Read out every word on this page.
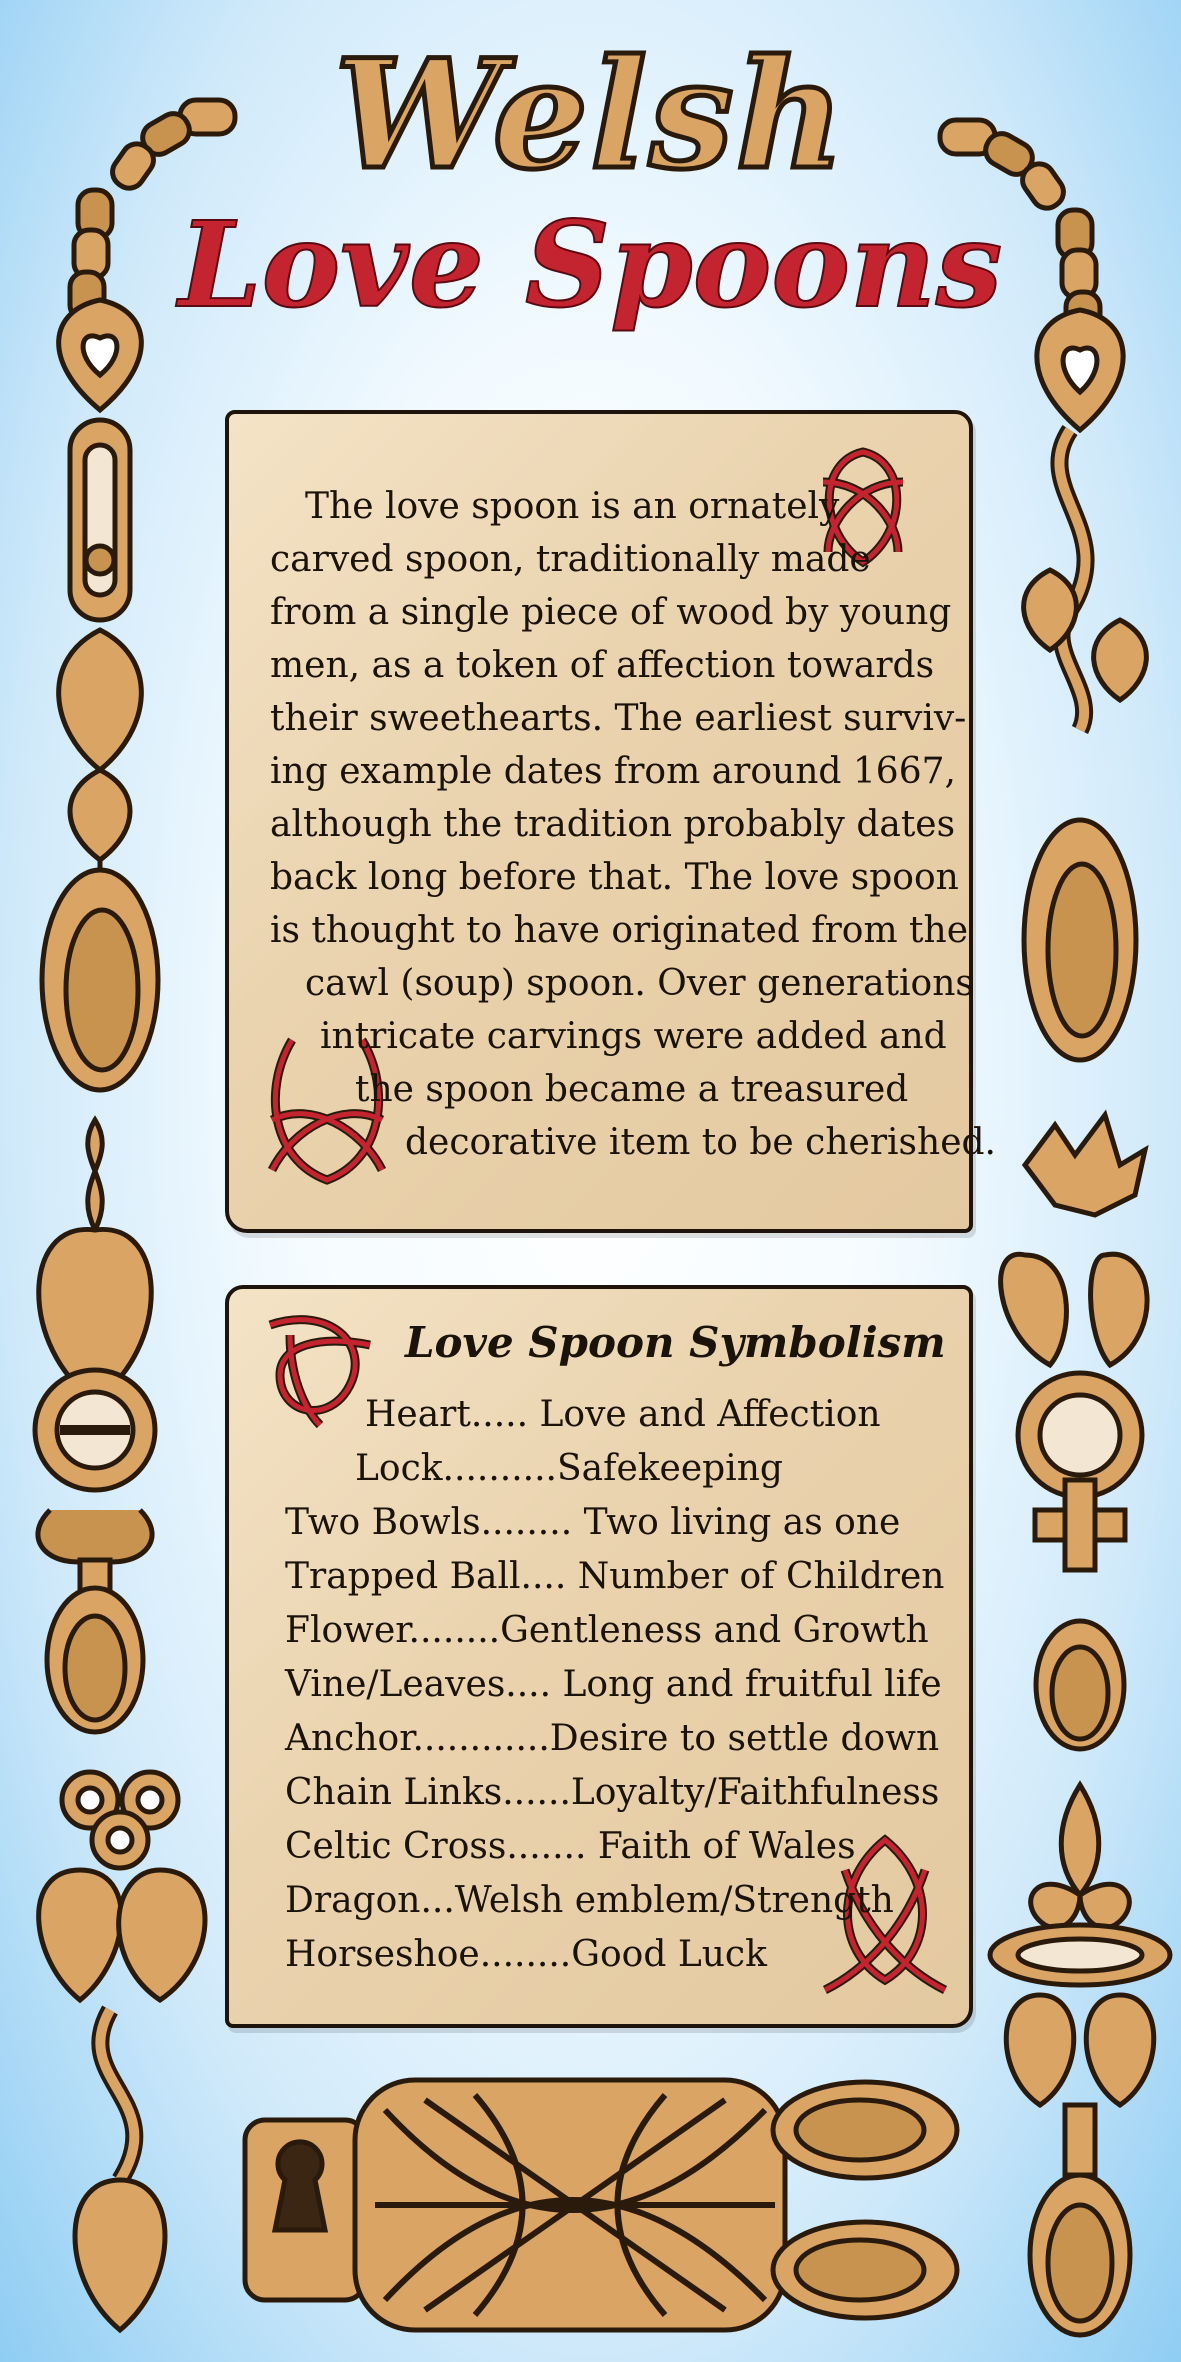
Welsh
Love Spoons
The love spoon is an ornately
carved spoon, traditionally made
from a single piece of wood by young
men, as a token of affection towards
their sweethearts. The earliest surviv-
ing example dates from around 1667,
although the tradition probably dates
back long before that. The love spoon
is thought to have originated from the
cawl (soup) spoon. Over generations
intricate carvings were added and
the spoon became a treasured
decorative item to be cherished.
Love Spoon Symbolism
Heart..... Love and Affection
Lock..........Safekeeping
Two Bowls........ Two living as one
Trapped Ball.... Number of Children
Flower........Gentleness and Growth
Vine/Leaves.... Long and fruitful life
Anchor............Desire to settle down
Chain Links......Loyalty/Faithfulness
Celtic Cross....... Faith of Wales
Dragon...Welsh emblem/Strength
Horseshoe........Good Luck
